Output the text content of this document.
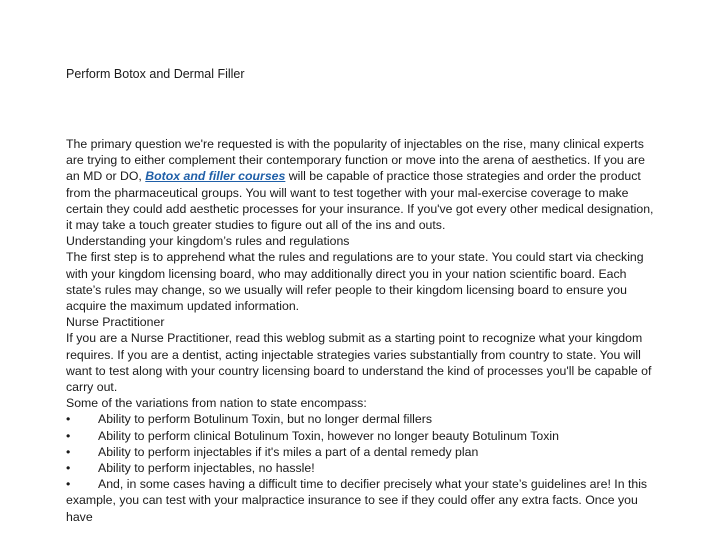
Perform Botox and Dermal Filler

The primary question we're requested is with the popularity of injectables on the rise, many clinical experts are trying to either complement their contemporary function or move into the arena of aesthetics. If you are an MD or DO, Botox and filler courses will be capable of practice those strategies and order the product from the pharmaceutical groups. You will want to test together with your mal-exercise coverage to make certain they could add aesthetic processes for your insurance. If you've got every other medical designation, it may take a touch greater studies to figure out all of the ins and outs.

Understanding your kingdom’s rules and regulations

The first step is to apprehend what the rules and regulations are to your state. You could start via checking with your kingdom licensing board, who may additionally direct you in your nation scientific board. Each state’s rules may change, so we usually will refer people to their kingdom licensing board to ensure you acquire the maximum updated information.

Nurse Practitioner

If you are a Nurse Practitioner, read this weblog submit as a starting point to recognize what your kingdom requires. If you are a dentist, acting injectable strategies varies substantially from country to state. You will want to test along with your country licensing board to understand the kind of processes you'll be capable of carry out.

Some of the variations from nation to state encompass:

•	Ability to perform Botulinum Toxin, but no longer dermal fillers
•	Ability to perform clinical Botulinum Toxin, however no longer beauty Botulinum Toxin
•	Ability to perform injectables if it's miles a part of a dental remedy plan
•	Ability to perform injectables, no hassle!
• And, in some cases having a difficult time to decifier precisely what your state’s guidelines are! In this example, you can test with your malpractice insurance to see if they could offer any extra facts. Once you have
